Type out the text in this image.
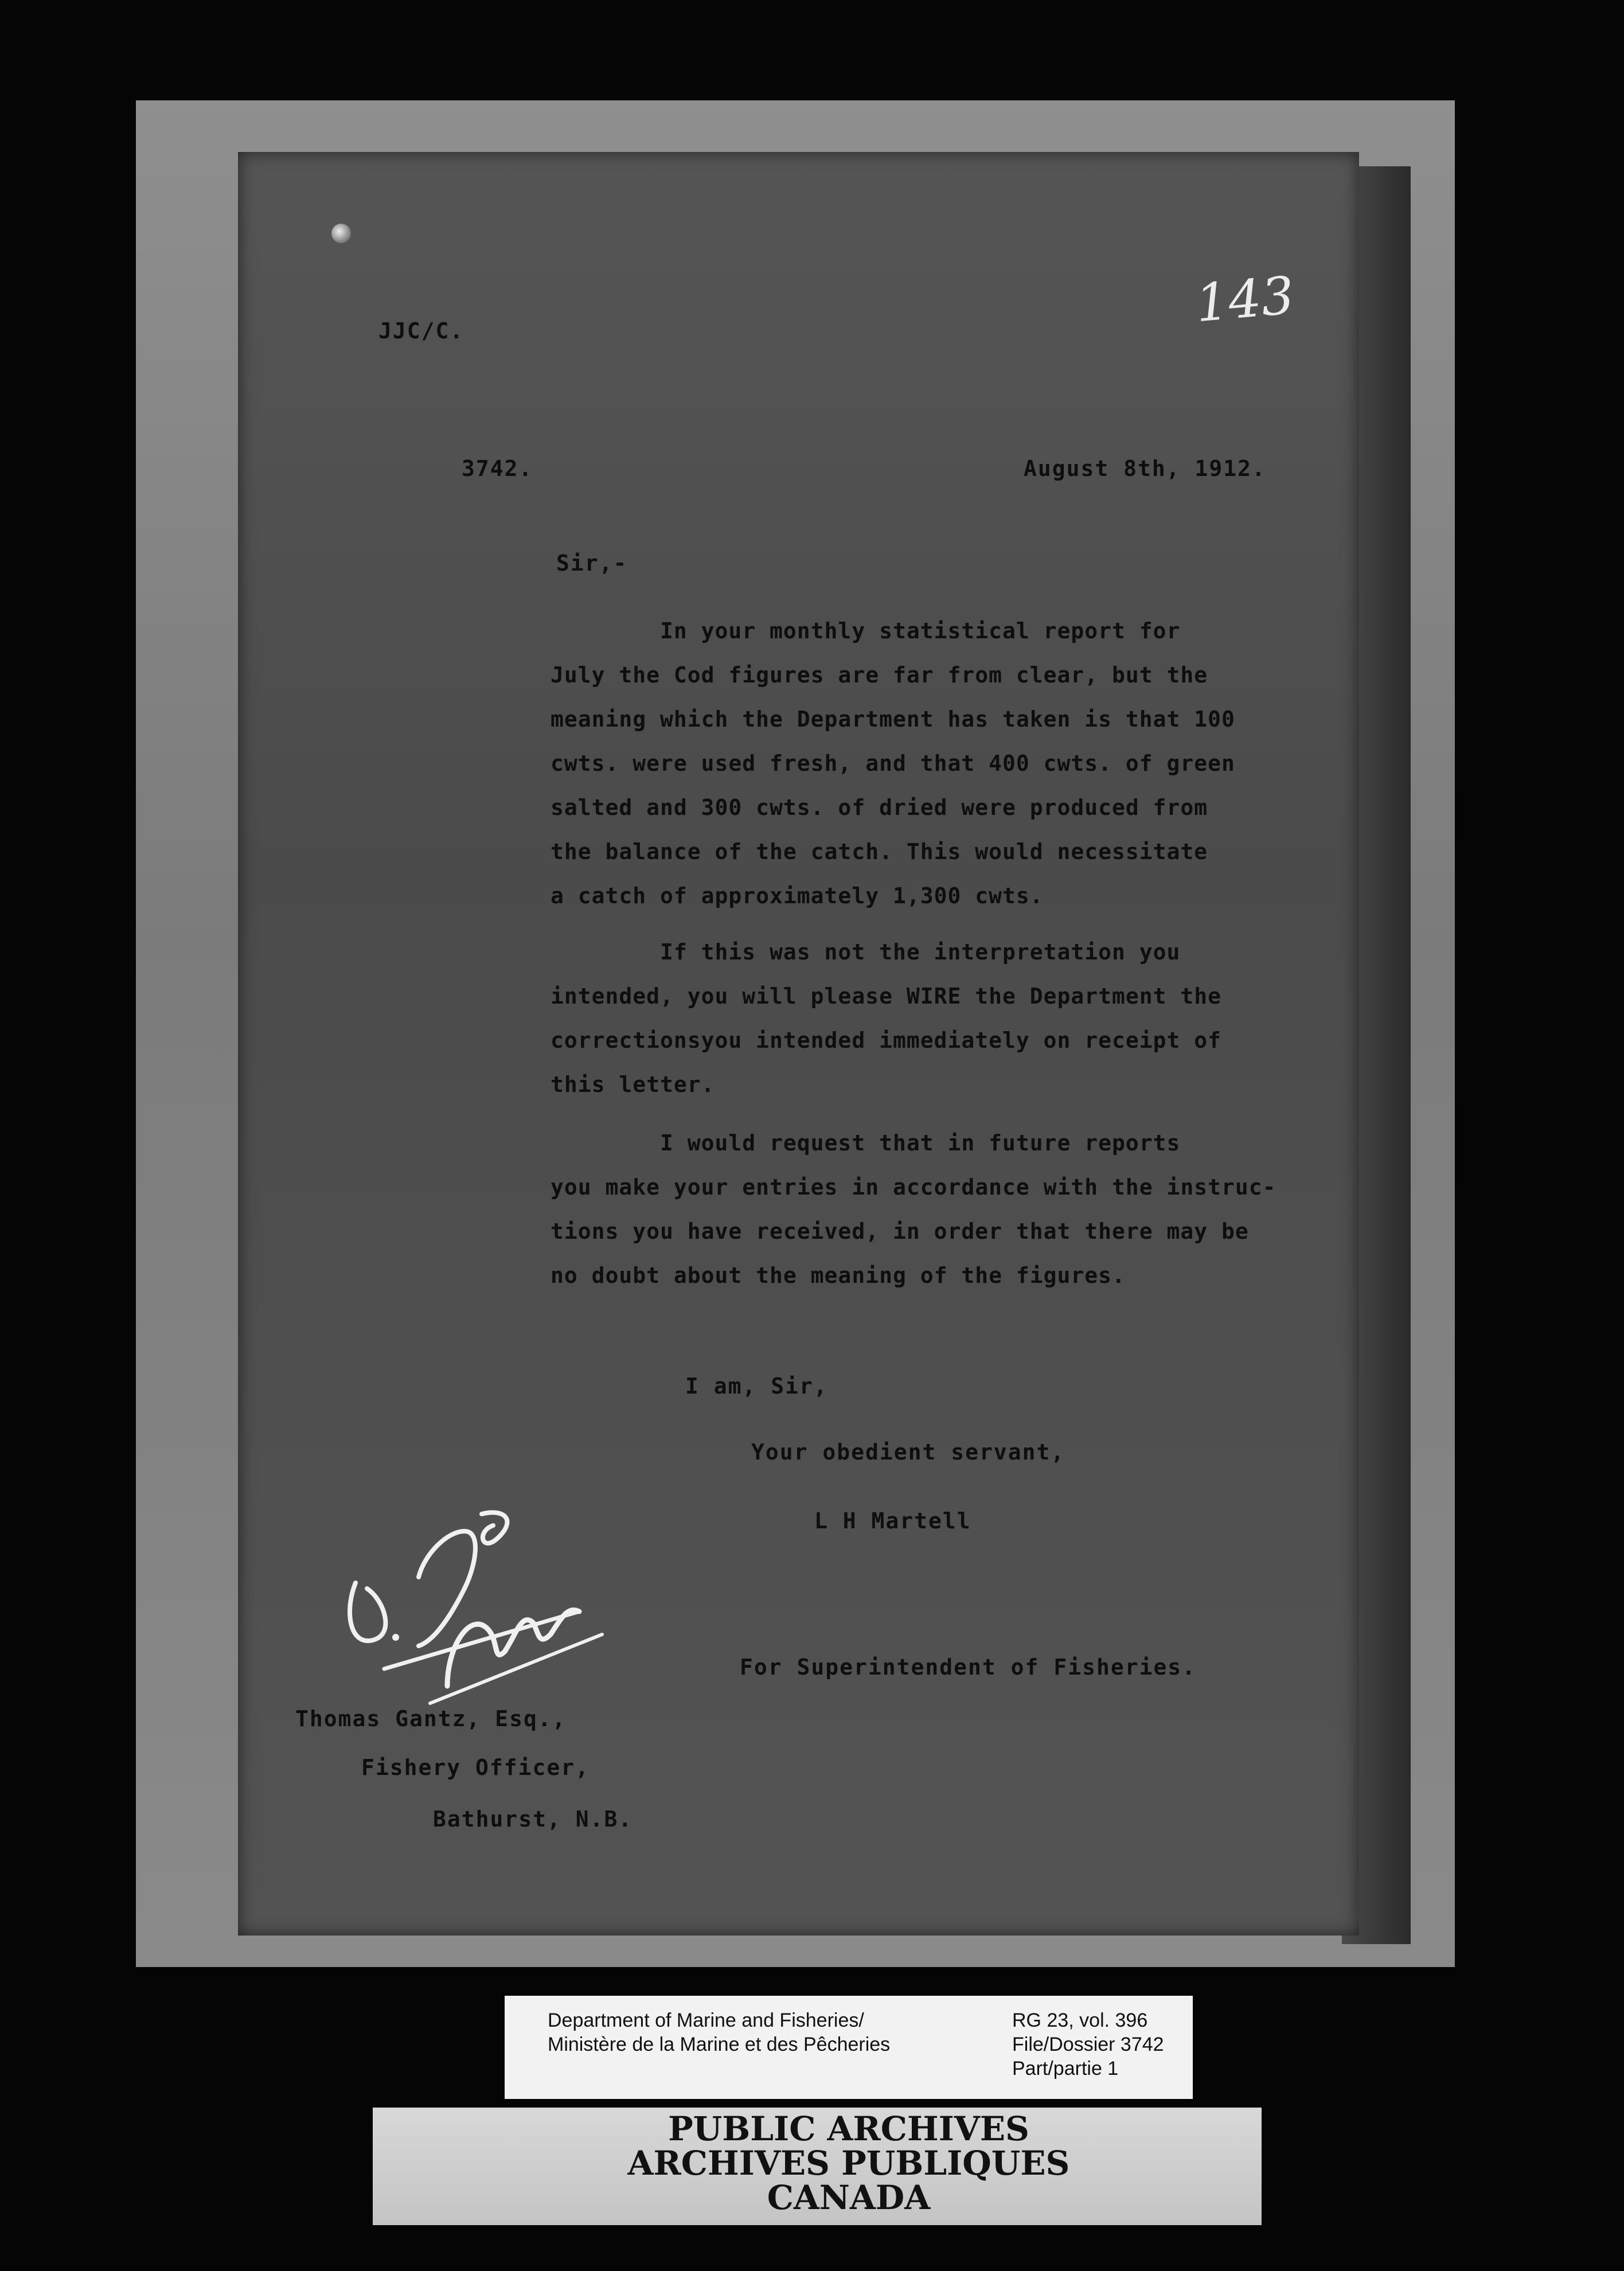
143
JJC/C.
3742.	August 8th, 1912.
Sir,-
In your monthly statistical report for
July the Cod figures are far from clear, but the
meaning which the Department has taken is that 100
cwts. were used fresh, and that 400 cwts. of green
salted and 300 cwts. of dried were produced from
the balance of the catch. This would necessitate
a catch of approximately 1,300 cwts.
If this was not the interpretation you
intended, you will please WIRE the Department the
correctionsyou intended immediately on receipt of
this letter.
I would request that in future reports
you make your entries in accordance with the instruc-
tions you have received, in order that there may be
no doubt about the meaning of the figures.
I am, Sir,
Your obedient servant,
L H Martell
For Superintendent of Fisheries.
Thomas Gantz, Esq.,
Fishery Officer,
Bathurst, N.B.
Department of Marine and Fisheries/
Ministère de la Marine et des Pêcheries
RG 23, vol. 396
File/Dossier 3742
Part/partie 1
PUBLIC ARCHIVES
ARCHIVES PUBLIQUES
CANADA
